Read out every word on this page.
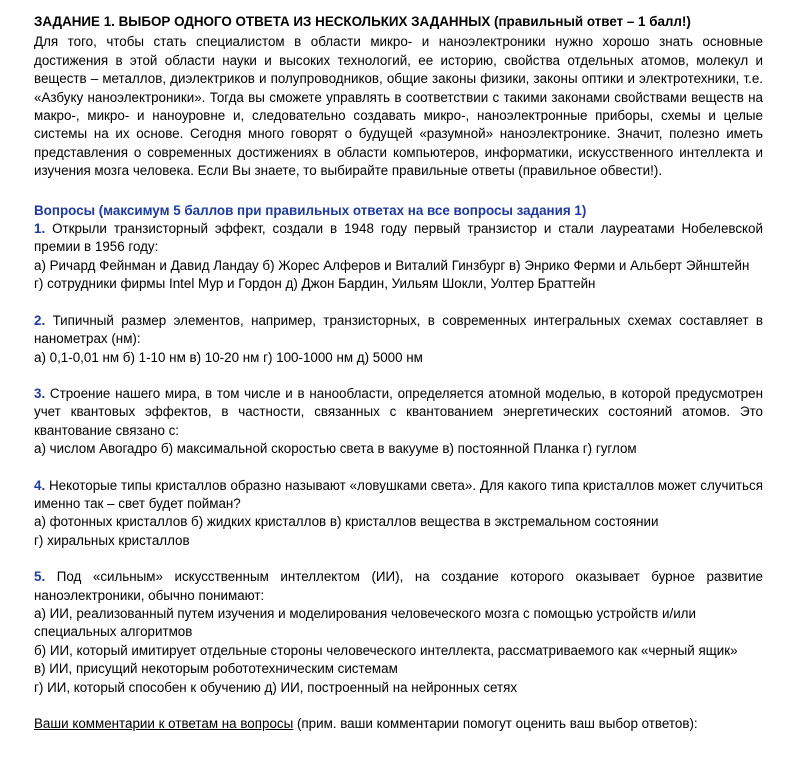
ЗАДАНИЕ 1. ВЫБОР ОДНОГО ОТВЕТА ИЗ НЕСКОЛЬКИХ ЗАДАННЫХ (правильный ответ – 1 балл!)

Для того, чтобы стать специалистом в области микро- и наноэлектроники нужно хорошо знать основные достижения в этой области науки и высоких технологий, ее историю, свойства отдельных атомов, молекул и веществ – металлов, диэлектриков и полупроводников, общие законы физики, законы оптики и электротехники, т.е. «Азбуку наноэлектроники». Тогда вы сможете управлять в соответствии с такими законами свойствами веществ на макро-, микро- и наноуровне и, следовательно создавать микро-, наноэлектронные приборы, схемы и целые системы на их основе. Сегодня много говорят о будущей «разумной» наноэлектронике. Значит, полезно иметь представления о современных достижениях в области компьютеров, информатики, искусственного интеллекта и изучения мозга человека. Если Вы знаете, то выбирайте правильные ответы (правильное обвести!).

Вопросы (максимум 5 баллов при правильных ответах на все вопросы задания 1)

1. Открыли транзисторный эффект, создали в 1948 году первый транзистор и стали лауреатами Нобелевской премии в 1956 году:

а) Ричард Фейнман и Давид Ландау б) Жорес Алферов и Виталий Гинзбург в) Энрико Ферми и Альберт Эйнштейн

г) сотрудники фирмы Intel Мур и Гордон д) Джон Бардин, Уильям Шокли, Уолтер Браттейн

2. Типичный размер элементов, например, транзисторных, в современных интегральных схемах составляет в нанометрах (нм):

а) 0,1-0,01 нм б) 1-10 нм в) 10-20 нм г) 100-1000 нм д) 5000 нм

3. Строение нашего мира, в том числе и в нанообласти, определяется атомной моделью, в которой предусмотрен учет квантовых эффектов, в частности, связанных с квантованием энергетических состояний атомов. Это квантование связано с:

а) числом Авогадро б) максимальной скоростью света в вакууме в) постоянной Планка г) гуглом

4. Некоторые типы кристаллов образно называют «ловушками света». Для какого типа кристаллов может случиться именно так – свет будет пойман?

а) фотонных кристаллов б) жидких кристаллов в) кристаллов вещества в экстремальном состоянии

г) хиральных кристаллов

5. Под «сильным» искусственным интеллектом (ИИ), на создание которого оказывает бурное развитие наноэлектроники, обычно понимают:

а) ИИ, реализованный путем изучения и моделирования человеческого мозга с помощью устройств и/или специальных алгоритмов

б) ИИ, который имитирует отдельные стороны человеческого интеллекта, рассматриваемого как «черный ящик»

в) ИИ, присущий некоторым робототехническим системам

г) ИИ, который способен к обучению д) ИИ, построенный на нейронных сетях

Ваши комментарии к ответам на вопросы (прим. ваши комментарии помогут оценить ваш выбор ответов):
